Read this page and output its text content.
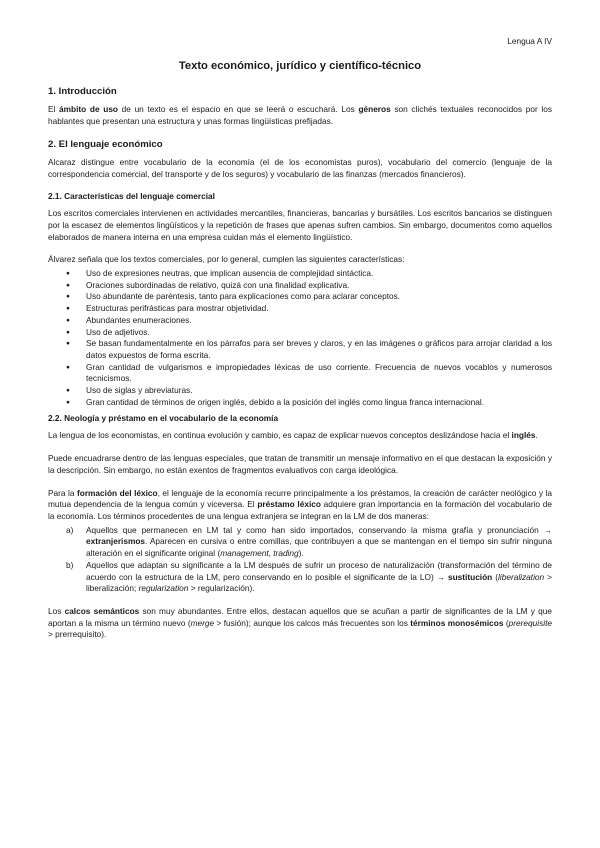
Lengua A IV
Texto económico, jurídico y científico-técnico
1. Introducción

El ámbito de uso de un texto es el espacio en que se leerá o escuchará. Los géneros son clichés textuales reconocidos por los hablantes que presentan una estructura y unas formas lingüísticas prefijadas.

2. El lenguaje económico

Alcaraz distingue entre vocabulario de la economía (el de los economistas puros), vocabulario del comercio (lenguaje de la correspondencia comercial, del transporte y de los seguros) y vocabulario de las finanzas (mercados financieros).

2.1. Características del lenguaje comercial

Los escritos comerciales intervienen en actividades mercantiles, financieras, bancarias y bursátiles. Los escritos bancarios se distinguen por la escasez de elementos lingüísticos y la repetición de frases que apenas sufren cambios. Sin embargo, documentos como aquellos elaborados de manera interna en una empresa cuidan más el elemento lingüístico.

Álvarez señala que los textos comerciales, por lo general, cumplen las siguientes características:

● Uso de expresiones neutras, que implican ausencia de complejidad sintáctica.
● Oraciones subordinadas de relativo, quizá con una finalidad explicativa.
● Uso abundante de paréntesis, tanto para explicaciones como para aclarar conceptos.
● Estructuras perifrásticas para mostrar objetividad.
● Abundantes enumeraciones.
● Uso de adjetivos.
● Se basan fundamentalmente en los párrafos para ser breves y claros, y en las imágenes o gráficos para arrojar claridad a los datos expuestos de forma escrita.
● Gran cantidad de vulgarismos e impropiedades léxicas de uso corriente. Frecuencia de nuevos vocablos y numerosos tecnicismos.
● Uso de siglas y abreviaturas.
● Gran cantidad de términos de origen inglés, debido a la posición del inglés como lingua franca internacional.
2.2. Neología y préstamo en el vocabulario de la economía

La lengua de los economistas, en continua evolución y cambio, es capaz de explicar nuevos conceptos deslizándose hacia el inglés.

Puede encuadrarse dentro de las lenguas especiales, que tratan de transmitir un mensaje informativo en el que destacan la exposición y la descripción. Sin embargo, no están exentos de fragmentos evaluativos con carga ideológica.

Para la formación del léxico, el lenguaje de la economía recurre principalmente a los préstamos, la creación de carácter neológico y la mutua dependencia de la lengua común y viceversa. El préstamo léxico adquiere gran importancia en la formación del vocabulario de la economía. Los términos procedentes de una lengua extranjera se integran en la LM de dos maneras:

a) Aquellos que permanecen en LM tal y como han sido importados, conservando la misma grafía y pronunciación → extranjerismos. Aparecen en cursiva o entre comillas, que contribuyen a que se mantengan en el tiempo sin sufrir ninguna alteración en el significante original (management, trading).
b) Aquellos que adaptan su significante a la LM después de sufrir un proceso de naturalización (transformación del término de acuerdo con la estructura de la LM, pero conservando en lo posible el significante de la LO) → sustitución (liberalization > liberalización; regularization > regularización).

Los calcos semánticos son muy abundantes. Entre ellos, destacan aquellos que se acuñan a partir de significantes de la LM y que aportan a la misma un término nuevo (merge > fusión); aunque los calcos más frecuentes son los términos monosémicos (prerequisite > prerrequisito).
